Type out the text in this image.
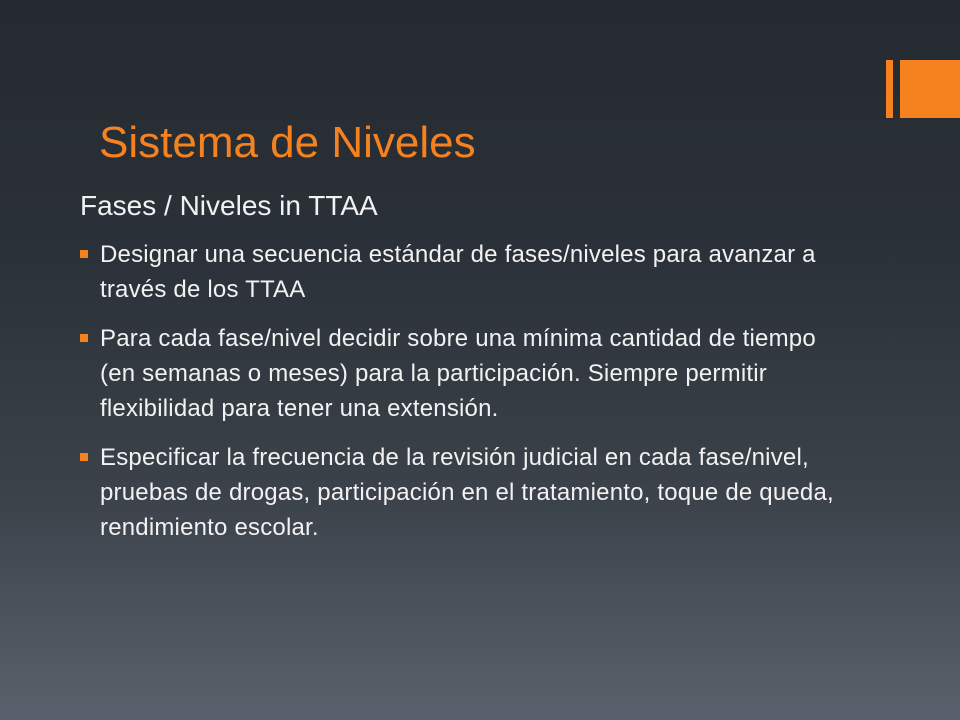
Sistema de Niveles
Fases / Niveles in TTAA
Designar una secuencia estándar de fases/niveles para avanzar a través de los TTAA
Para cada fase/nivel decidir sobre una mínima cantidad de tiempo (en semanas o meses) para la participación. Siempre permitir flexibilidad para tener una extensión.
Especificar la frecuencia de la revisión judicial en cada fase/nivel, pruebas de drogas, participación en el tratamiento, toque de queda, rendimiento escolar.
